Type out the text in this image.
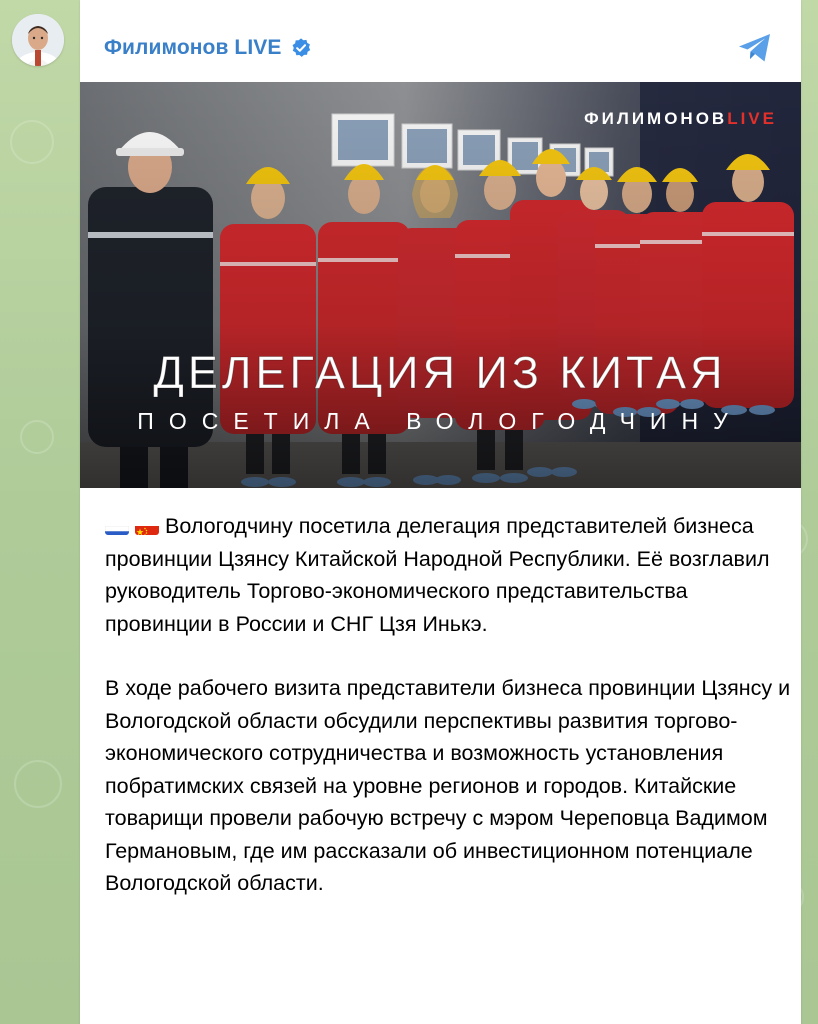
Филимонов LIVE
ФИЛИМОНОВLIVE
ДЕЛЕГАЦИЯ ИЗ КИТАЯ
ПОСЕТИЛА ВОЛОГОДЧИНУ

Вологодчину посетила делегация представителей бизнеса провинции Цзянсу Китайской Народной Республики. Её возглавил руководитель Торгово-экономического представительства провинции в России и СНГ Цзя Инькэ.

В ходе рабочего визита представители бизнеса провинции Цзянсу и Вологодской области обсудили перспективы развития торгово-экономического сотрудничества и возможность установления побратимских связей на уровне регионов и городов. Китайские товарищи провели рабочую встречу с мэром Череповца Вадимом Германовым, где им рассказали об инвестиционном потенциале Вологодской области.
